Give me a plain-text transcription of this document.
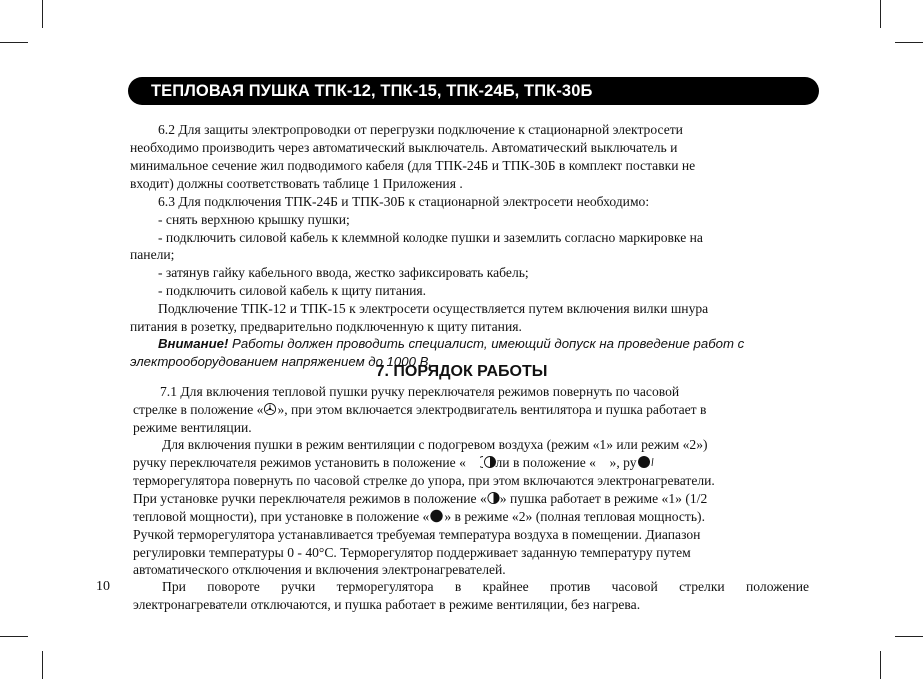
ТЕПЛОВАЯ ПУШКА ТПК-12, ТПК-15, ТПК-24Б, ТПК-30Б

6.2 Для защиты электропроводки от перегрузки подключение к стационарной электросети

необходимо производить через автоматический выключатель. Автоматический выключатель и

минимальное сечение жил подводимого кабеля (для ТПК-24Б и ТПК-30Б в комплект поставки не

входит) должны соответствовать таблице 1 Приложения .

6.3 Для подключения ТПК-24Б и ТПК-30Б к стационарной электросети необходимо:

- снять верхнюю крышку пушки;

- подключить силовой кабель к клеммной колодке пушки и заземлить согласно маркировке на

панели;

- затянув гайку кабельного ввода, жестко зафиксировать кабель;

- подключить силовой кабель к щиту питания.

Подключение ТПК-12 и ТПК-15 к электросети осуществляется путем включения вилки шнура

питания в розетку, предварительно подключенную к щиту питания.

Внимание! Работы должен проводить специалист, имеющий допуск на проведение работ с

электрооборудованием напряжением до 1000 В.

7. ПОРЯДОК РАБОТЫ

7.1 Для включения тепловой пушки ручку переключателя режимов повернуть по часовой

стрелке в положение « », при этом включается электродвигатель вентилятора и пушка работает в

режиме вентиляции.

Для включения пушки в режим вентиляции с подогревом воздуха (режим «1» или режим «2»)

ручку переключателя режимов установить в положение « ли в положение « », ру

терморегулятора повернуть по часовой стрелке до упора, при этом включаются электронагреватели.

При установке ручки переключателя режимов в положение « » пушка работает в режиме «1» (1/2

тепловой мощности), при установке в положение « » в режиме «2» (полная тепловая мощность).

Ручкой терморегулятора устанавливается требуемая температура воздуха в помещении. Диапазон

регулировки температуры 0 - 40°С. Терморегулятор поддерживает заданную температуру путем

автоматического отключения и включения электронагревателей.

При повороте ручки терморегулятора в крайнее против часовой стрелки положение

электронагреватели отключаются, и пушка работает в режиме вентиляции, без нагрева.

10
